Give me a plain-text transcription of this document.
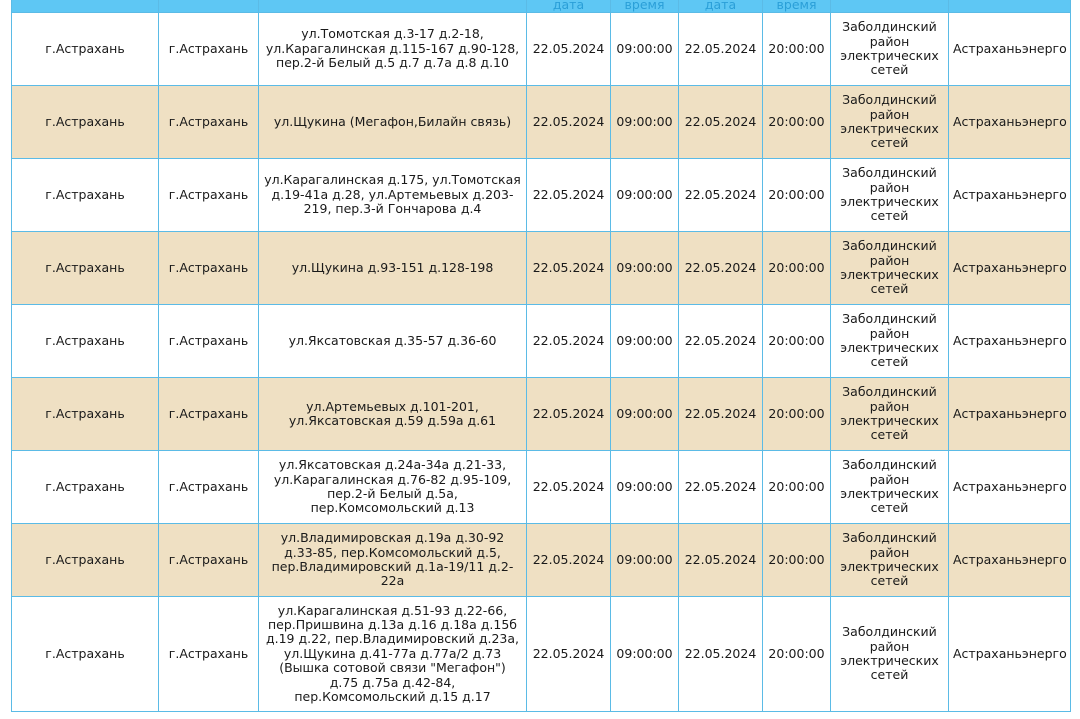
			дата	время	дата	время		
г.Астрахань	г.Астрахань	ул.Томотская д.3-17 д.2-18, ул.Карагалинская д.115-167 д.90-128, пер.2-й Белый д.5 д.7 д.7а д.8 д.10	22.05.2024	09:00:00	22.05.2024	20:00:00	Заболдинский район электрических сетей	Астраханьэнерго
г.Астрахань	г.Астрахань	ул.Щукина (Мегафон,Билайн связь)	22.05.2024	09:00:00	22.05.2024	20:00:00	Заболдинский район электрических сетей	Астраханьэнерго
г.Астрахань	г.Астрахань	ул.Карагалинская д.175, ул.Томотская д.19-41а д.28, ул.Артемьевых д.203-219, пер.3-й Гончарова д.4	22.05.2024	09:00:00	22.05.2024	20:00:00	Заболдинский район электрических сетей	Астраханьэнерго
г.Астрахань	г.Астрахань	ул.Щукина д.93-151 д.128-198	22.05.2024	09:00:00	22.05.2024	20:00:00	Заболдинский район электрических сетей	Астраханьэнерго
г.Астрахань	г.Астрахань	ул.Яксатовская д.35-57 д.36-60	22.05.2024	09:00:00	22.05.2024	20:00:00	Заболдинский район электрических сетей	Астраханьэнерго
г.Астрахань	г.Астрахань	ул.Артемьевых д.101-201, ул.Яксатовская д.59 д.59а д.61	22.05.2024	09:00:00	22.05.2024	20:00:00	Заболдинский район электрических сетей	Астраханьэнерго
г.Астрахань	г.Астрахань	ул.Яксатовская д.24а-34а д.21-33, ул.Карагалинская д.76-82 д.95-109, пер.2-й Белый д.5а, пер.Комсомольский д.13	22.05.2024	09:00:00	22.05.2024	20:00:00	Заболдинский район электрических сетей	Астраханьэнерго
г.Астрахань	г.Астрахань	ул.Владимировская д.19а д.30-92 д.33-85, пер.Комсомольский д.5, пер.Владимировский д.1а-19/11 д.2-22а	22.05.2024	09:00:00	22.05.2024	20:00:00	Заболдинский район электрических сетей	Астраханьэнерго
г.Астрахань	г.Астрахань	ул.Карагалинская д.51-93 д.22-66, пер.Пришвина д.13а д.16 д.18а д.15б д.19 д.22, пер.Владимировский д.23а, ул.Щукина д.41-77а д.77а/2 д.73 (Вышка сотовой связи "Мегафон") д.75 д.75а д.42-84, пер.Комсомольский д.15 д.17	22.05.2024	09:00:00	22.05.2024	20:00:00	Заболдинский район электрических сетей	Астраханьэнерго
